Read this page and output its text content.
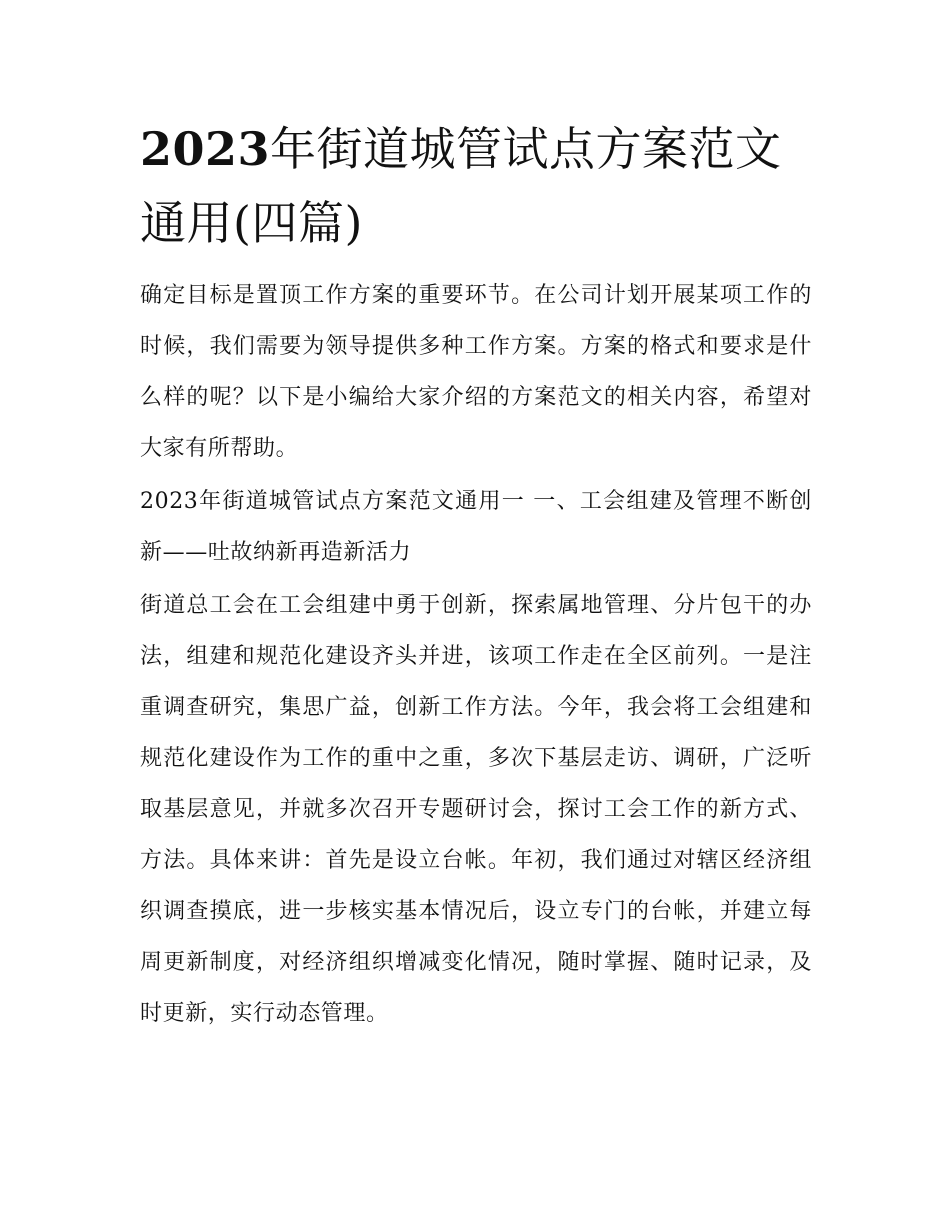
2023年街道城管试点方案范文通用(四篇)

确定目标是置顶工作方案的重要环节。在公司计划开展某项工作的时候，我们需要为领导提供多种工作方案。方案的格式和要求是什么样的呢？以下是小编给大家介绍的方案范文的相关内容，希望对大家有所帮助。

2023年街道城管试点方案范文通用一 一、工会组建及管理不断创新——吐故纳新再造新活力

街道总工会在工会组建中勇于创新，探索属地管理、分片包干的办法，组建和规范化建设齐头并进，该项工作走在全区前列。一是注重调查研究，集思广益，创新工作方法。今年，我会将工会组建和规范化建设作为工作的重中之重，多次下基层走访、调研，广泛听取基层意见，并就多次召开专题研讨会，探讨工会工作的新方式、方法。具体来讲：首先是设立台帐。年初，我们通过对辖区经济组织调查摸底，进一步核实基本情况后，设立专门的台帐，并建立每周更新制度，对经济组织增减变化情况，随时掌握、随时记录，及时更新，实行动态管理。
